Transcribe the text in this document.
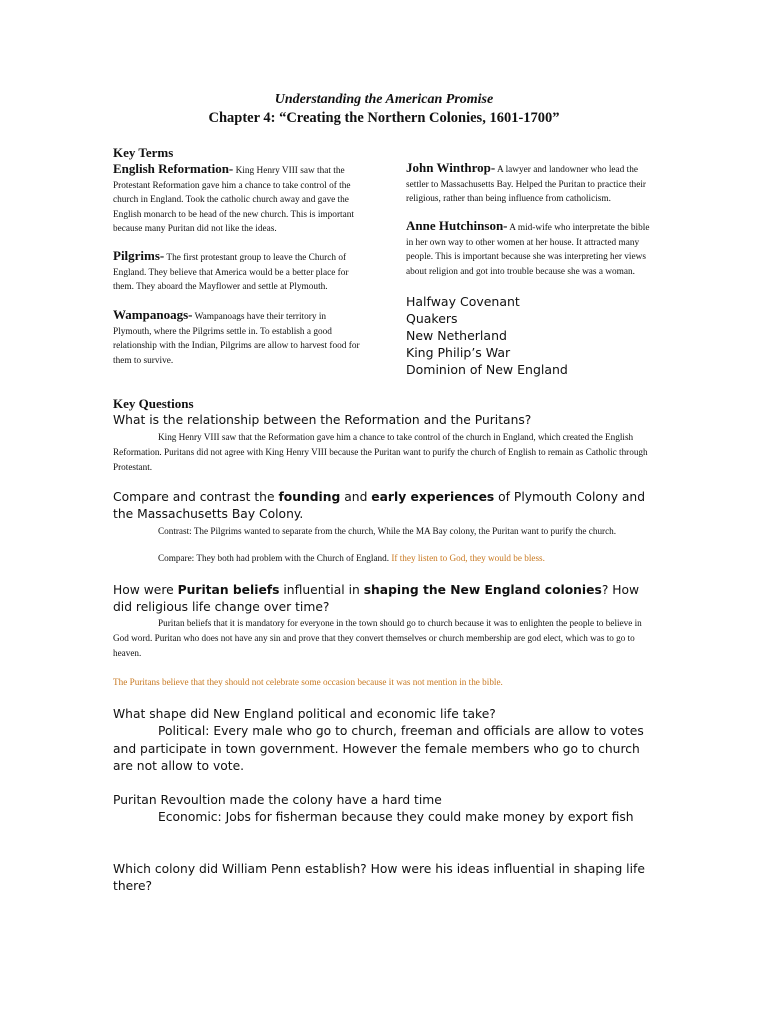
Understanding the American Promise
Chapter 4: “Creating the Northern Colonies, 1601-1700”
Key Terms
English Reformation- King Henry VIII saw that the Protestant Reformation gave him a chance to take control of the church in England. Took the catholic church away and gave the English monarch to be head of the new church. This is important because many Puritan did not like the ideas.
Pilgrims- The first protestant group to leave the Church of England. They believe that America would be a better place for them. They aboard the Mayflower and settle at Plymouth.
Wampanoags- Wampanoags have their territory in Plymouth, where the Pilgrims settle in. To establish a good relationship with the Indian, Pilgrims are allow to harvest food for them to survive.
John Winthrop- A lawyer and landowner who lead the settler to Massachusetts Bay. Helped the Puritan to practice their religious, rather than being influence from catholicism.
Anne Hutchinson- A mid-wife who interpretate the bible in her own way to other women at her house. It attracted many people. This is important because she was interpreting her views about religion and got into trouble because she was a woman.
Halfway Covenant
Quakers
New Netherland
King Philip’s War
Dominion of New England
Key Questions
What is the relationship between the Reformation and the Puritans?
King Henry VIII saw that the Reformation gave him a chance to take control of the church in England, which created the English Reformation. Puritans did not agree with King Henry VIII because the Puritan want to purify the church of English to remain as Catholic through Protestant.
Compare and contrast the founding and early experiences of Plymouth Colony and the Massachusetts Bay Colony.
Contrast: The Pilgrims wanted to separate from the church, While the MA Bay colony, the Puritan want to purify the church.
Compare: They both had problem with the Church of England. If they listen to God, they would be bless.
How were Puritan beliefs influential in shaping the New England colonies? How did religious life change over time?
Puritan beliefs that it is mandatory for everyone in the town should go to church because it was to enlighten the people to believe in God word. Puritan who does not have any sin and prove that they convert themselves or church membership are god elect, which was to go to heaven.
The Puritans believe that they should not celebrate some occasion because it was not mention in the bible.
What shape did New England political and economic life take?
Political: Every male who go to church, freeman and officials are allow to votes and participate in town government. However the female members who go to church are not allow to vote.
Puritan Revoultion made the colony have a hard time
Economic: Jobs for fisherman because they could make money by export fish
Which colony did William Penn establish? How were his ideas influential in shaping life there?
